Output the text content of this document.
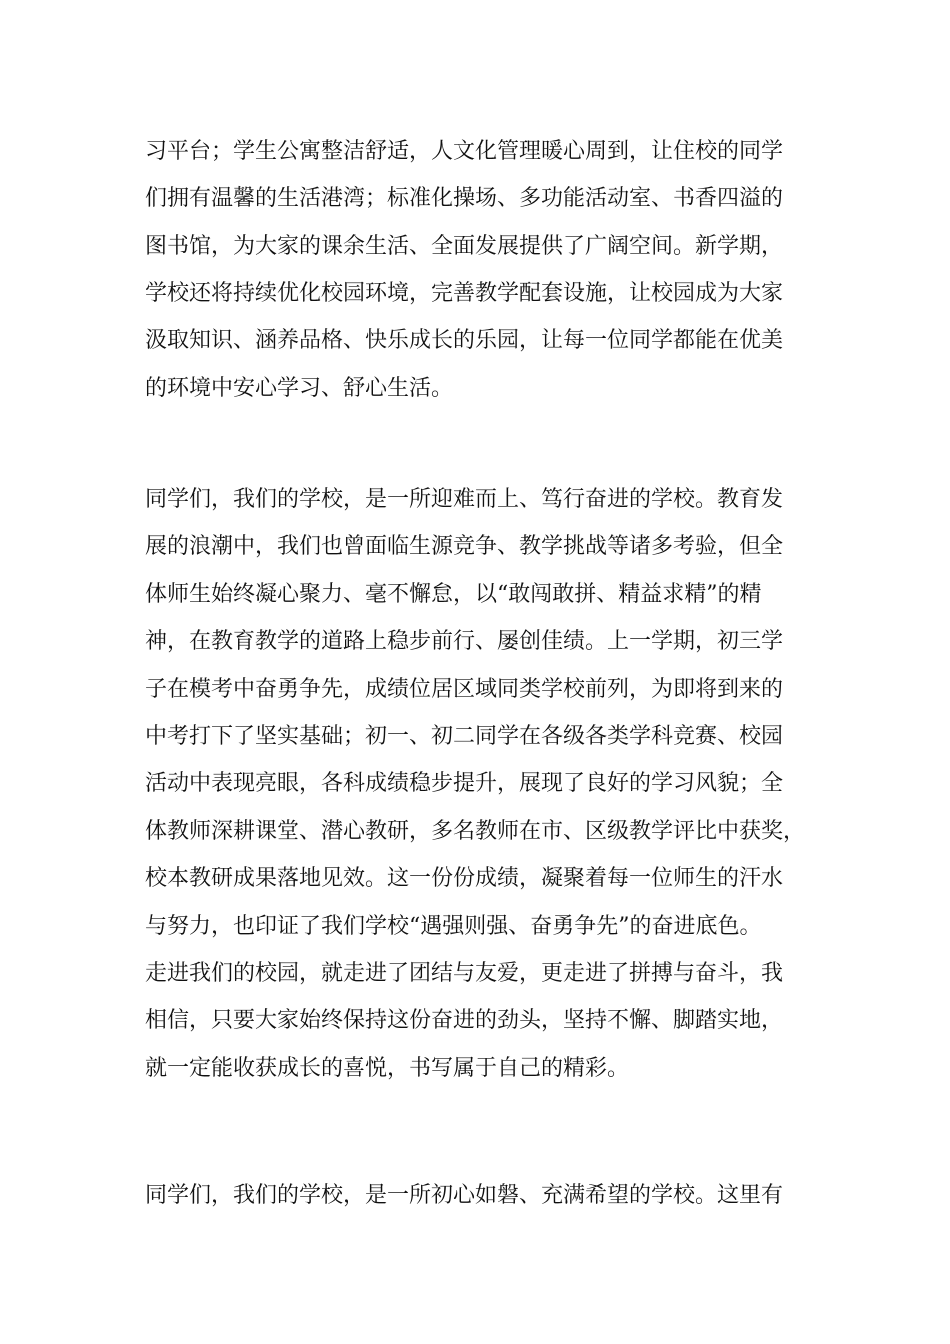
习平台；学生公寓整洁舒适，人文化管理暖心周到，让住校的同学

们拥有温馨的生活港湾；标准化操场、多功能活动室、书香四溢的

图书馆，为大家的课余生活、全面发展提供了广阔空间。新学期，

学校还将持续优化校园环境，完善教学配套设施，让校园成为大家

汲取知识、涵养品格、快乐成长的乐园，让每一位同学都能在优美

的环境中安心学习、舒心生活。

同学们，我们的学校，是一所迎难而上、笃行奋进的学校。教育发

展的浪潮中，我们也曾面临生源竞争、教学挑战等诸多考验，但全

体师生始终凝心聚力、毫不懈怠，以“敢闯敢拼、精益求精”的精

神，在教育教学的道路上稳步前行、屡创佳绩。上一学期，初三学

子在模考中奋勇争先，成绩位居区域同类学校前列，为即将到来的

中考打下了坚实基础；初一、初二同学在各级各类学科竞赛、校园

活动中表现亮眼，各科成绩稳步提升，展现了良好的学习风貌；全

体教师深耕课堂、潜心教研，多名教师在市、区级教学评比中获奖，

校本教研成果落地见效。这一份份成绩，凝聚着每一位师生的汗水

与努力，也印证了我们学校“遇强则强、奋勇争先”的奋进底色。

走进我们的校园，就走进了团结与友爱，更走进了拼搏与奋斗，我

相信，只要大家始终保持这份奋进的劲头，坚持不懈、脚踏实地，

就一定能收获成长的喜悦，书写属于自己的精彩。

同学们，我们的学校，是一所初心如磐、充满希望的学校。这里有
